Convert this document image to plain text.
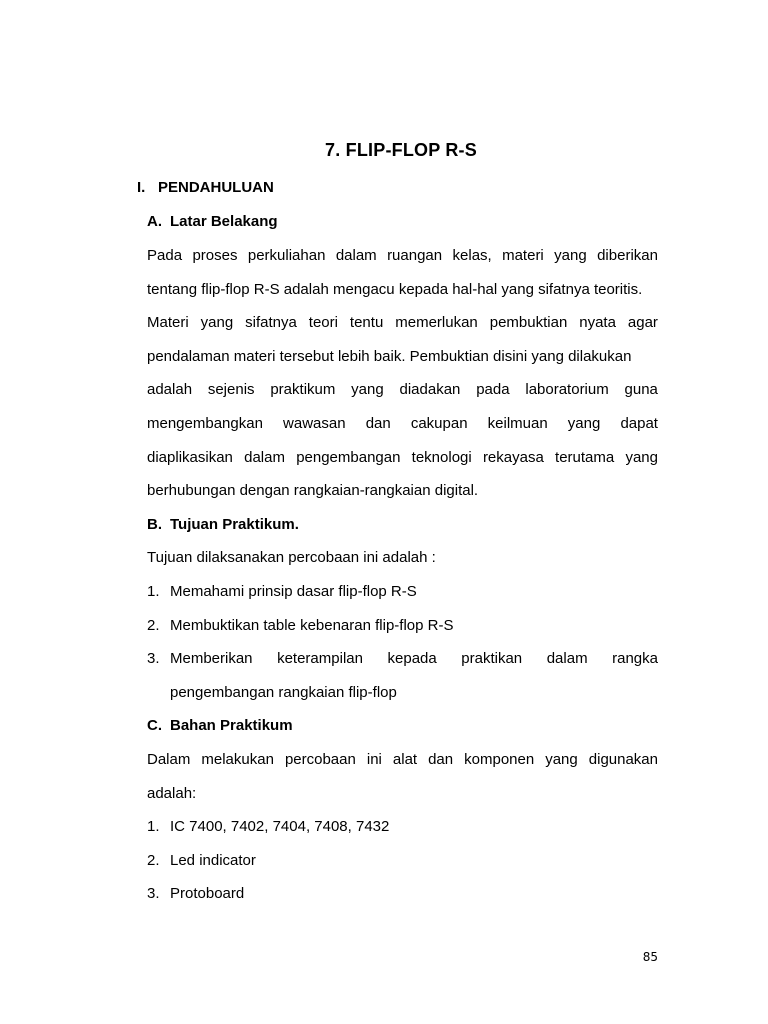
7. FLIP-FLOP R-S
I. PENDAHULUAN
A. Latar Belakang
Pada proses perkuliahan dalam ruangan kelas, materi yang diberikan
tentang flip-flop R-S adalah mengacu kepada hal-hal yang sifatnya teoritis.
Materi yang sifatnya teori tentu memerlukan pembuktian nyata agar
pendalaman materi tersebut lebih baik. Pembuktian disini yang dilakukan
adalah sejenis praktikum yang diadakan pada laboratorium guna
mengembangkan wawasan dan cakupan keilmuan yang dapat
diaplikasikan dalam pengembangan teknologi rekayasa terutama yang
berhubungan dengan rangkaian-rangkaian digital.
B. Tujuan Praktikum.
Tujuan dilaksanakan percobaan ini adalah :
1. Memahami prinsip dasar flip-flop R-S
2. Membuktikan table kebenaran flip-flop R-S
3. Memberikan keterampilan kepada praktikan dalam rangka
pengembangan rangkaian flip-flop
C. Bahan Praktikum
Dalam melakukan percobaan ini alat dan komponen yang digunakan
adalah:
1. IC 7400, 7402, 7404, 7408, 7432
2. Led indicator
3. Protoboard
85
